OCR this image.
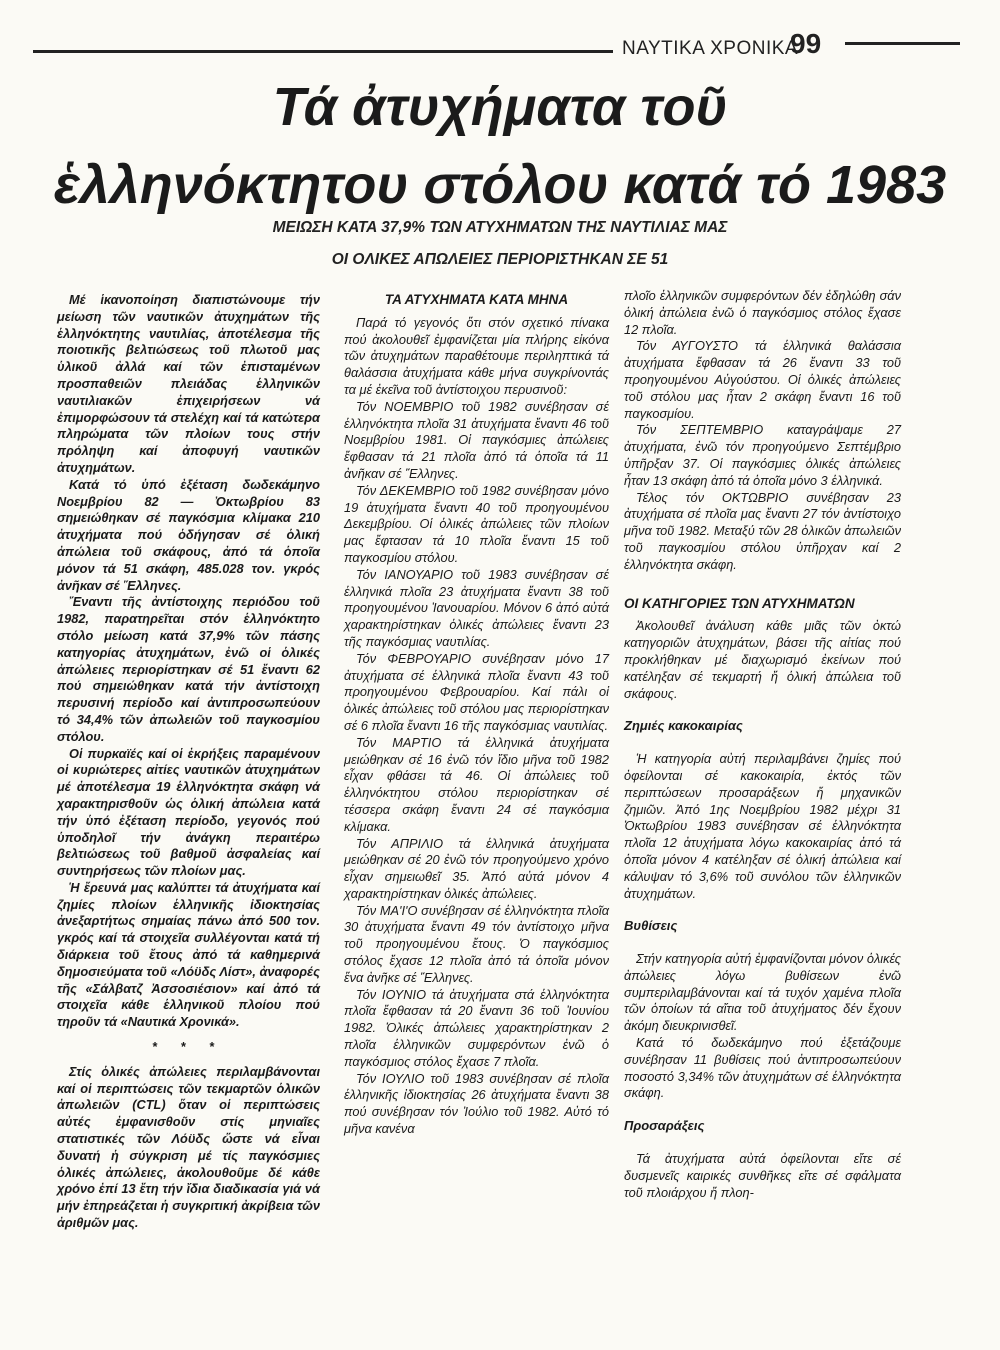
ΝΑΥΤΙΚΑ ΧΡΟΝΙΚΑ
99
Τά ἀτυχήματα τοῦ
ἑλληνόκτητου στόλου κατά τό 1983
ΜΕΙΩΣΗ ΚΑΤΑ 37,9% ΤΩΝ ΑΤΥΧΗΜΑΤΩΝ ΤΗΣ ΝΑΥΤΙΛΙΑΣ ΜΑΣ
ΟΙ ΟΛΙΚΕΣ ΑΠΩΛΕΙΕΣ ΠΕΡΙΟΡΙΣΤΗΚΑΝ ΣΕ 51

Μέ ἱκανοποίηση διαπιστώνουμε τήν μείωση τῶν ναυτικῶν ἀτυχημάτων τῆς ἑλληνόκτητης ναυτιλίας, ἀποτέλεσμα τῆς ποιοτικῆς βελτιώσεως τοῦ πλωτοῦ μας ὑλικοῦ ἀλλά καί τῶν ἐπισταμένων προσπαθειῶν πλειάδας ἑλληνικῶν ναυτιλιακῶν ἐπιχειρήσεων νά ἐπιμορφώσουν τά στελέχη καί τά κατώτερα πληρώματα τῶν πλοίων τους στήν πρόληψη καί ἀποφυγή ναυτικῶν ἀτυχημάτων.

Κατά τό ὑπό ἐξέταση δωδεκάμηνο Νοεμβρίου 82 — Ὀκτωβρίου 83 σημειώθηκαν σέ παγκόσμια κλίμακα 210 ἀτυχήματα πού ὁδήγησαν σέ ὁλική ἀπώλεια τοῦ σκάφους, ἀπό τά ὁποῖα μόνον τά 51 σκάφη, 485.028 τον. γκρός ἀνῆκαν σέ Ἕλληνες.

Ἔναντι τῆς ἀντίστοιχης περιόδου τοῦ 1982, παρατηρεῖται στόν ἑλληνόκτητο στόλο μείωση κατά 37,9% τῶν πάσης κατηγορίας ἀτυχημάτων, ἐνῶ οἱ ὁλικές ἀπώλειες περιορίστηκαν σέ 51 ἔναντι 62 πού σημειώθηκαν κατά τήν ἀντίστοιχη περυσινή περίοδο καί ἀντιπροσωπεύουν τό 34,4% τῶν ἀπωλειῶν τοῦ παγκοσμίου στόλου.

Οἱ πυρκαϊές καί οἱ ἐκρήξεις παραμένουν οἱ κυριώτερες αἰτίες ναυτικῶν ἀτυχημάτων μέ ἀποτέλεσμα 19 ἑλληνόκτητα σκάφη νά χαρακτηρισθοῦν ὡς ὁλική ἀπώλεια κατά τήν ὑπό ἐξέταση περίοδο, γεγονός πού ὑποδηλοῖ τήν ἀνάγκη περαιτέρω βελτιώσεως τοῦ βαθμοῦ ἀσφαλείας καί συντηρήσεως τῶν πλοίων μας.

Ἡ ἔρευνά μας καλύπτει τά ἀτυχήματα καί ζημίες πλοίων ἑλληνικῆς ἰδιοκτησίας ἀνεξαρτήτως σημαίας πάνω ἀπό 500 τον. γκρός καί τά στοιχεῖα συλλέγονται κατά τή διάρκεια τοῦ ἔτους ἀπό τά καθημερινά δημοσιεύματα τοῦ «Λόϋδς Λίστ», ἀναφορές τῆς «Σάλβατζ Ἀσσοσιέσιον» καί ἀπό τά στοιχεῖα κάθε ἑλληνικοῦ πλοίου πού τηροῦν τά «Ναυτικά Χρονικά».

* * *

Στίς ὁλικές ἀπώλειες περιλαμβάνονται καί οἱ περιπτώσεις τῶν τεκμαρτῶν ὁλικῶν ἀπωλειῶν (CTL) ὅταν οἱ περιπτώσεις αὐτές ἐμφανισθοῦν στίς μηνιαῖες στατιστικές τῶν Λόϋδς ὥστε νά εἶναι δυνατή ἡ σύγκριση μέ τίς παγκόσμιες ὁλικές ἀπώλειες, ἀκολουθοῦμε δέ κάθε χρόνο ἐπί 13 ἔτη τήν ἴδια διαδικασία γιά νά μήν ἐπηρεάζεται ἡ συγκριτική ἀκρίβεια τῶν ἀριθμῶν μας.

ΤΑ ΑΤΥΧΗΜΑΤΑ ΚΑΤΑ ΜΗΝΑ

Παρά τό γεγονός ὅτι στόν σχετικό πίνακα πού ἀκολουθεῖ ἐμφανίζεται μία πλήρης εἰκόνα τῶν ἀτυχημάτων παραθέτουμε περιληπτικά τά θαλάσσια ἀτυχήματα κάθε μήνα συγκρίνοντάς τα μέ ἐκεῖνα τοῦ ἀντίστοιχου περυσινοῦ:

Τόν ΝΟΕΜΒΡΙΟ τοῦ 1982 συνέβησαν σέ ἑλληνόκτητα πλοῖα 31 ἀτυχήματα ἔναντι 46 τοῦ Νοεμβρίου 1981. Οἱ παγκόσμιες ἀπώλειες ἔφθασαν τά 21 πλοῖα ἀπό τά ὁποῖα τά 11 ἀνῆκαν σέ Ἕλληνες.

Τόν ΔΕΚΕΜΒΡΙΟ τοῦ 1982 συνέβησαν μόνο 19 ἀτυχήματα ἔναντι 40 τοῦ προηγουμένου Δεκεμβρίου. Οἱ ὁλικές ἀπώλειες τῶν πλοίων μας ἔφτασαν τά 10 πλοῖα ἔναντι 15 τοῦ παγκοσμίου στόλου.

Τόν ΙΑΝΟΥΑΡΙΟ τοῦ 1983 συνέβησαν σέ ἑλληνικά πλοῖα 23 ἀτυχήματα ἔναντι 38 τοῦ προηγουμένου Ἰανουαρίου. Μόνον 6 ἀπό αὐτά χαρακτηρίστηκαν ὁλικές ἀπώλειες ἔναντι 23 τῆς παγκόσμιας ναυτιλίας.

Τόν ΦΕΒΡΟΥΑΡΙΟ συνέβησαν μόνο 17 ἀτυχήματα σέ ἑλληνικά πλοῖα ἔναντι 43 τοῦ προηγουμένου Φεβρουαρίου. Καί πάλι οἱ ὁλικές ἀπώλειες τοῦ στόλου μας περιορίστηκαν σέ 6 πλοῖα ἔναντι 16 τῆς παγκόσμιας ναυτιλίας.

Τόν ΜΑΡΤΙΟ τά ἑλληνικά ἀτυχήματα μειώθηκαν σέ 16 ἐνῶ τόν ἴδιο μῆνα τοῦ 1982 εἶχαν φθάσει τά 46. Οἱ ἀπώλειες τοῦ ἑλληνόκτητου στόλου περιορίστηκαν σέ τέσσερα σκάφη ἔναντι 24 σέ παγκόσμια κλίμακα.

Τόν ΑΠΡΙΛΙΟ τά ἑλληνικά ἀτυχήματα μειώθηκαν σέ 20 ἐνῶ τόν προηγούμενο χρόνο εἶχαν σημειωθεῖ 35. Ἀπό αὐτά μόνον 4 χαρακτηρίστηκαν ὁλικές ἀπώλειες.

Τόν ΜΑ'Ι'Ο συνέβησαν σέ ἑλληνόκτητα πλοῖα 30 ἀτυχήματα ἔναντι 49 τόν ἀντίστοιχο μῆνα τοῦ προηγουμένου ἔτους. Ὁ παγκόσμιος στόλος ἔχασε 12 πλοῖα ἀπό τά ὁποῖα μόνον ἕνα ἀνῆκε σέ Ἕλληνες.

Τόν ΙΟΥΝΙΟ τά ἀτυχήματα στά ἑλληνόκτητα πλοῖα ἔφθασαν τά 20 ἔναντι 36 τοῦ Ἰουνίου 1982. Ὁλικές ἀπώλειες χαρακτηρίστηκαν 2 πλοῖα ἑλληνικῶν συμφερόντων ἐνῶ ὁ παγκόσμιος στόλος ἔχασε 7 πλοῖα.

Τόν ΙΟΥΛΙΟ τοῦ 1983 συνέβησαν σέ πλοῖα ἑλληνικῆς ἰδιοκτησίας 26 ἀτυχήματα ἔναντι 38 πού συνέβησαν τόν Ἰούλιο τοῦ 1982. Αὐτό τό μῆνα κανένα

πλοῖο ἑλληνικῶν συμφερόντων δέν ἐδηλώθη σάν ὁλική ἀπώλεια ἐνῶ ὁ παγκόσμιος στόλος ἔχασε 12 πλοῖα.

Τόν ΑΥΓΟΥΣΤΟ τά ἑλληνικά θαλάσσια ἀτυχήματα ἔφθασαν τά 26 ἔναντι 33 τοῦ προηγουμένου Αὐγούστου. Οἱ ὁλικές ἀπώλειες τοῦ στόλου μας ἦταν 2 σκάφη ἔναντι 16 τοῦ παγκοσμίου.

Τόν ΣΕΠΤΕΜΒΡΙΟ καταγράψαμε 27 ἀτυχήματα, ἐνῶ τόν προηγούμενο Σεπτέμβριο ὑπῆρξαν 37. Οἱ παγκόσμιες ὁλικές ἀπώλειες ἦταν 13 σκάφη ἀπό τά ὁποῖα μόνο 3 ἑλληνικά.

Τέλος τόν ΟΚΤΩΒΡΙΟ συνέβησαν 23 ἀτυχήματα σέ πλοῖα μας ἔναντι 27 τόν ἀντίστοιχο μῆνα τοῦ 1982. Μεταξύ τῶν 28 ὁλικῶν ἀπωλειῶν τοῦ παγκοσμίου στόλου ὑπῆρχαν καί 2 ἑλληνόκτητα σκάφη.

ΟΙ ΚΑΤΗΓΟΡΙΕΣ ΤΩΝ ΑΤΥΧΗΜΑΤΩΝ

Ἀκολουθεῖ ἀνάλυση κάθε μιᾶς τῶν ὀκτώ κατηγοριῶν ἀτυχημάτων, βάσει τῆς αἰτίας πού προκλήθηκαν μέ διαχωρισμό ἐκείνων πού κατέληξαν σέ τεκμαρτή ἤ ὁλική ἀπώλεια τοῦ σκάφους.

Ζημιές κακοκαιρίας

Ἡ κατηγορία αὐτή περιλαμβάνει ζημίες πού ὀφείλονται σέ κακοκαιρία, ἐκτός τῶν περιπτώσεων προσαράξεων ἤ μηχανικῶν ζημιῶν. Ἀπό 1ης Νοεμβρίου 1982 μέχρι 31 Ὀκτωβρίου 1983 συνέβησαν σέ ἑλληνόκτητα πλοῖα 12 ἀτυχήματα λόγω κακοκαιρίας ἀπό τά ὁποῖα μόνον 4 κατέληξαν σέ ὁλική ἀπώλεια καί κάλυψαν τό 3,6% τοῦ συνόλου τῶν ἑλληνικῶν ἀτυχημάτων.

Βυθίσεις

Στήν κατηγορία αὐτή ἐμφανίζονται μόνον ὁλικές ἀπώλειες λόγω βυθίσεων ἐνῶ συμπεριλαμβάνονται καί τά τυχόν χαμένα πλοῖα τῶν ὁποίων τά αἴτια τοῦ ἀτυχήματος δέν ἔχουν ἀκόμη διευκρινισθεῖ.

Κατά τό δωδεκάμηνο πού ἐξετάζουμε συνέβησαν 11 βυθίσεις πού ἀντιπροσωπεύουν ποσοστό 3,34% τῶν ἀτυχημάτων σέ ἑλληνόκτητα σκάφη.

Προσαράξεις

Τά ἀτυχήματα αὐτά ὀφείλονται εἴτε σέ δυσμενεῖς καιρικές συνθῆκες εἴτε σέ σφάλματα τοῦ πλοιάρχου ἤ πλοη-
